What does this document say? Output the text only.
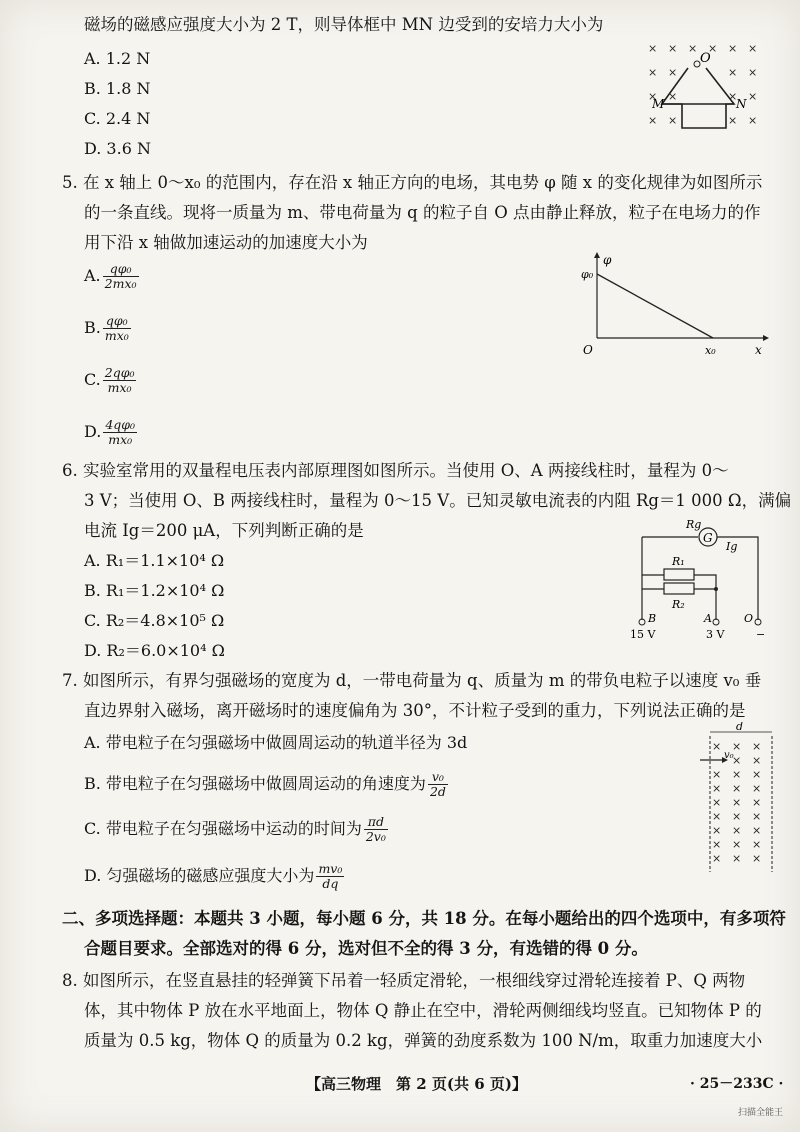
磁场的磁感应强度大小为 2 T，则导体框中 MN 边受到的安培力大小为
A. 1.2 N
B. 1.8 N
C. 2.4 N
D. 3.6 N
× × × × × ×
× ×	× ×
× ×	× ×
× ×	× ×
O
M	N
5. 在 x 轴上 0～x₀ 的范围内，存在沿 x 轴正方向的电场，其电势 φ 随 x 的变化规律为如图所示
的一条直线。现将一质量为 m、带电荷量为 q 的粒子自 O 点由静止释放，粒子在电场力的作
用下沿 x 轴做加速运动的加速度大小为
A. $\frac{\text{qφ₀}}{\text{2mx₀}}$
B. $\frac{\text{qφ₀}}{\text{mx₀}}$
C. $\frac{\text{2qφ₀}}{\text{mx₀}}$
D. $\frac{\text{4qφ₀}}{\text{mx₀}}$
φ
φ₀
O	x₀	x
6. 实验室常用的双量程电压表内部原理图如图所示。当使用 O、A 两接线柱时，量程为 0～
3 V；当使用 O、B 两接线柱时，量程为 0～15 V。已知灵敏电流表的内阻 Rg＝1 000 Ω，满偏
电流 Ig＝200 μA，下列判断正确的是
A. R₁＝1.1×10⁴ Ω
B. R₁＝1.2×10⁴ Ω
C. R₂＝4.8×10⁵ Ω
D. R₂＝6.0×10⁴ Ω
G
Rg
Ig
R₁
R₂
B	A	O
15 V	3 V	−
7. 如图所示，有界匀强磁场的宽度为 d，一带电荷量为 q、质量为 m 的带负电粒子以速度 v₀ 垂
直边界射入磁场，离开磁场时的速度偏角为 30°，不计粒子受到的重力，下列说法正确的是
A. 带电粒子在匀强磁场中做圆周运动的轨道半径为 3d
B. 带电粒子在匀强磁场中做圆周运动的角速度为 $\frac{\text{v₀}}{2d}$
C. 带电粒子在匀强磁场中运动的时间为 $\frac{\pi d}{\text{2v₀}}$
D. 匀强磁场的磁感应强度大小为 $\frac{\text{mv₀}}{dq}$
d
× × ×
× ×
× × ×
× × ×
× × ×
× × ×
× × ×
× × ×
× × ×
v₀
二、多项选择题：本题共 3 小题，每小题 6 分，共 18 分。在每小题给出的四个选项中，有多项符
合题目要求。全部选对的得 6 分，选对但不全的得 3 分，有选错的得 0 分。
8. 如图所示，在竖直悬挂的轻弹簧下吊着一轻质定滑轮，一根细线穿过滑轮连接着 P、Q 两物
体，其中物体 P 放在水平地面上，物体 Q 静止在空中，滑轮两侧细线均竖直。已知物体 P 的
质量为 0.5 kg，物体 Q 的质量为 0.2 kg，弹簧的劲度系数为 100 N/m，取重力加速度大小
【高三物理　第 2 页(共 6 页)】	· 25－233C ·
扫描全能王
